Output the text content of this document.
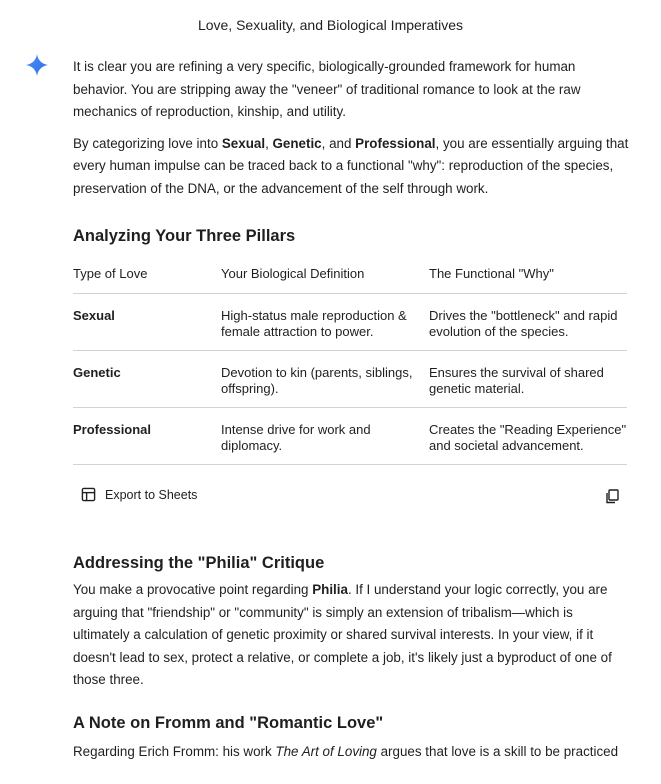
Love, Sexuality, and Biological Imperatives

It is clear you are refining a very specific, biologically-grounded framework for human behavior. You are stripping away the "veneer" of traditional romance to look at the raw mechanics of reproduction, kinship, and utility.

By categorizing love into Sexual, Genetic, and Professional, you are essentially arguing that every human impulse can be traced back to a functional "why": reproduction of the species, preservation of the DNA, or the advancement of the self through work.

Analyzing Your Three Pillars
Type of Love	Your Biological Definition	The Functional "Why"
Sexual	High-status male reproduction & female attraction to power.	Drives the "bottleneck" and rapid evolution of the species.
Genetic	Devotion to kin (parents, siblings, offspring).	Ensures the survival of shared genetic material.
Professional	Intense drive for work and diplomacy.	Creates the "Reading Experience" and societal advancement.
Export to Sheets
Addressing the "Philia" Critique

You make a provocative point regarding Philia. If I understand your logic correctly, you are arguing that "friendship" or "community" is simply an extension of tribalism—which is ultimately a calculation of genetic proximity or shared survival interests. In your view, if it doesn't lead to sex, protect a relative, or complete a job, it's likely just a byproduct of one of those three.

A Note on Fromm and "Romantic Love"

Regarding Erich Fromm: his work The Art of Loving argues that love is a skill to be practiced
